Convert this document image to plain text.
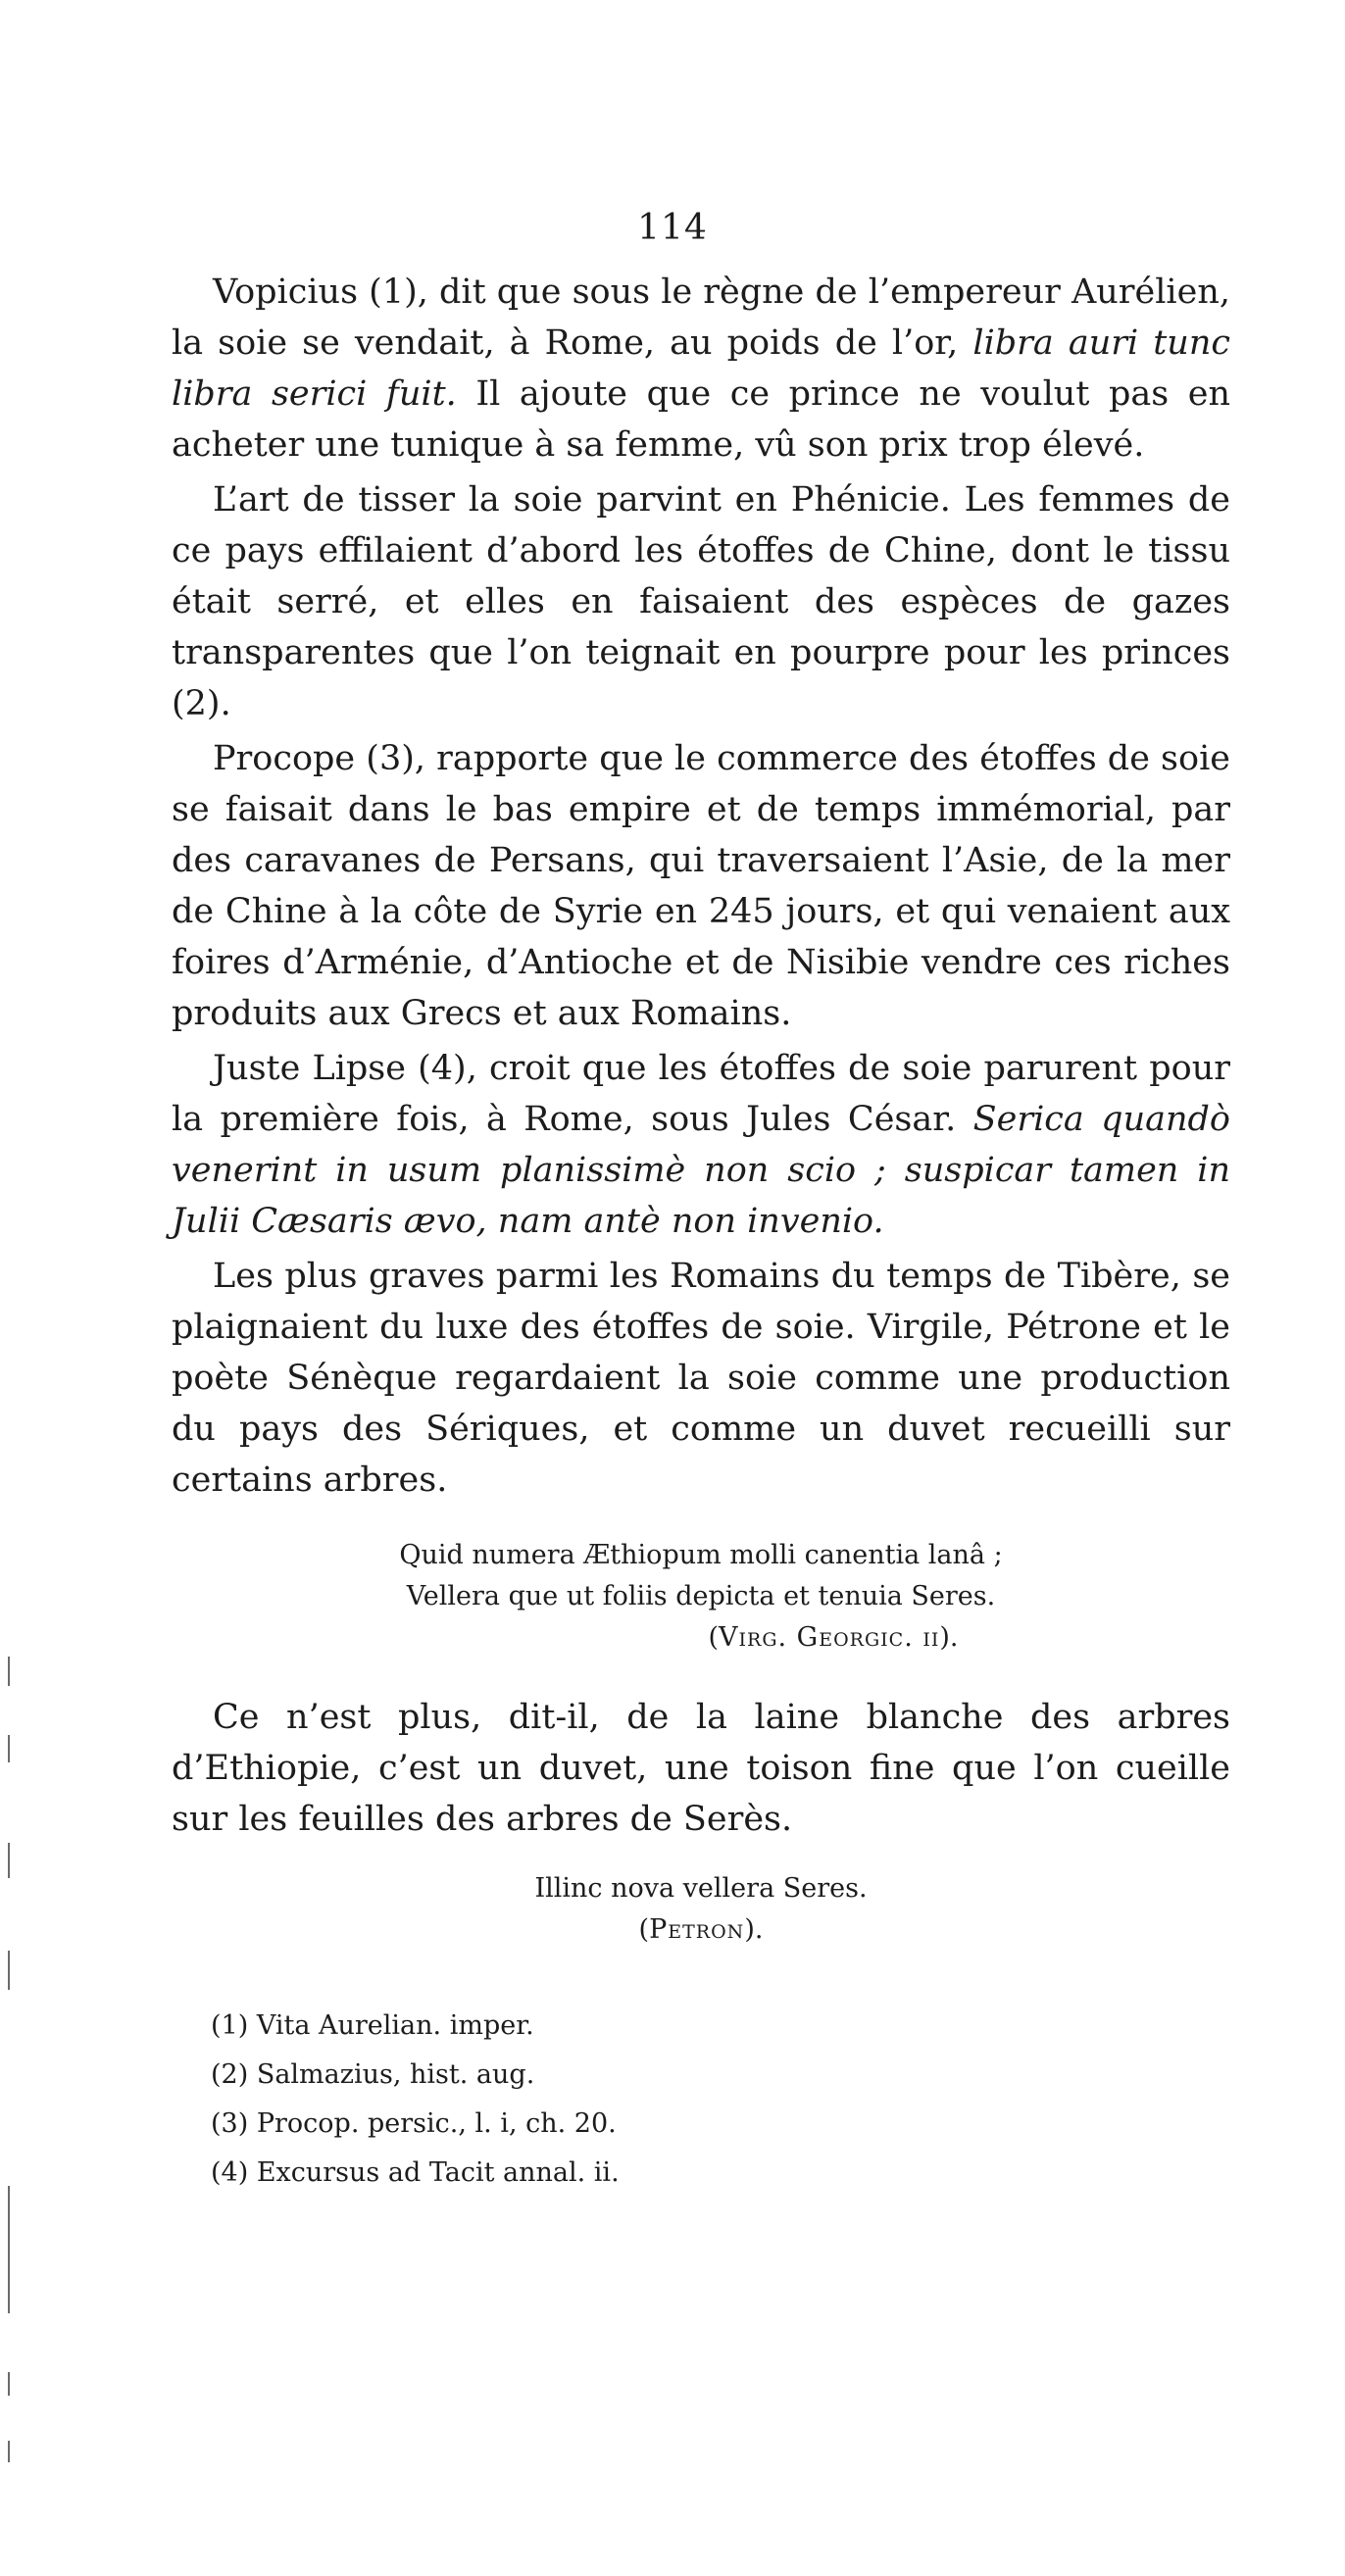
114

Vopicius (1), dit que sous le règne de l’empereur Aurélien, la soie se vendait, à Rome, au poids de l’or, libra auri tunc libra serici fuit. Il ajoute que ce prince ne voulut pas en acheter une tunique à sa femme, vû son prix trop élevé.

L’art de tisser la soie parvint en Phénicie. Les femmes de ce pays effilaient d’abord les étoffes de Chine, dont le tissu était serré, et elles en faisaient des espèces de gazes transparentes que l’on teignait en pourpre pour les princes (2).

Procope (3), rapporte que le commerce des étoffes de soie se faisait dans le bas empire et de temps immémorial, par des caravanes de Persans, qui traversaient l’Asie, de la mer de Chine à la côte de Syrie en 245 jours, et qui venaient aux foires d’Arménie, d’Antioche et de Nisibie vendre ces riches produits aux Grecs et aux Romains.

Juste Lipse (4), croit que les étoffes de soie parurent pour la première fois, à Rome, sous Jules César. Serica quandò venerint in usum planissimè non scio ; suspicar tamen in Julii Cæsaris ævo, nam antè non invenio.

Les plus graves parmi les Romains du temps de Tibère, se plaignaient du luxe des étoffes de soie. Virgile, Pétrone et le poète Sénèque regardaient la soie comme une production du pays des Sériques, et comme un duvet recueilli sur certains arbres.

Quid numera Æthiopum molli canentia lanâ ;

Vellera que ut foliis depicta et tenuia Seres.

(Virg. Georgic. ii).

Ce n’est plus, dit-il, de la laine blanche des arbres d’Ethiopie, c’est un duvet, une toison fine que l’on cueille sur les feuilles des arbres de Serès.

Illinc nova vellera Seres.

(Petron).

(1) Vita Aurelian. imper.

(2) Salmazius, hist. aug.

(3) Procop. persic., l. i, ch. 20.

(4) Excursus ad Tacit annal. ii.
